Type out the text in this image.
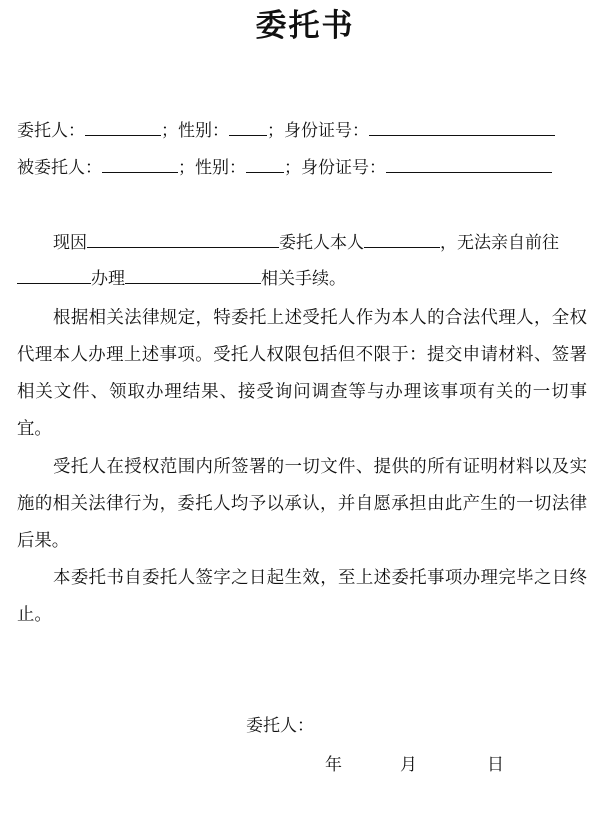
委托书
委托人：	；性别： ；身份证号：
被委托人：	；性别： ；身份证号：
现因	委托人本人	，无法亲自前往
办理	相关手续。
根据相关法律规定，特委托上述受托人作为本人的合法代理人，全权代理本人办理上述事项。受托人权限包括但不限于：提交申请材料、签署相关文件、领取办理结果、接受询问调查等与办理该事项有关的一切事宜。
受托人在授权范围内所签署的一切文件、提供的所有证明材料以及实施的相关法律行为，委托人均予以承认，并自愿承担由此产生的一切法律后果。
本委托书自委托人签字之日起生效，至上述委托事项办理完毕之日终止。
委托人：
年	月	日
